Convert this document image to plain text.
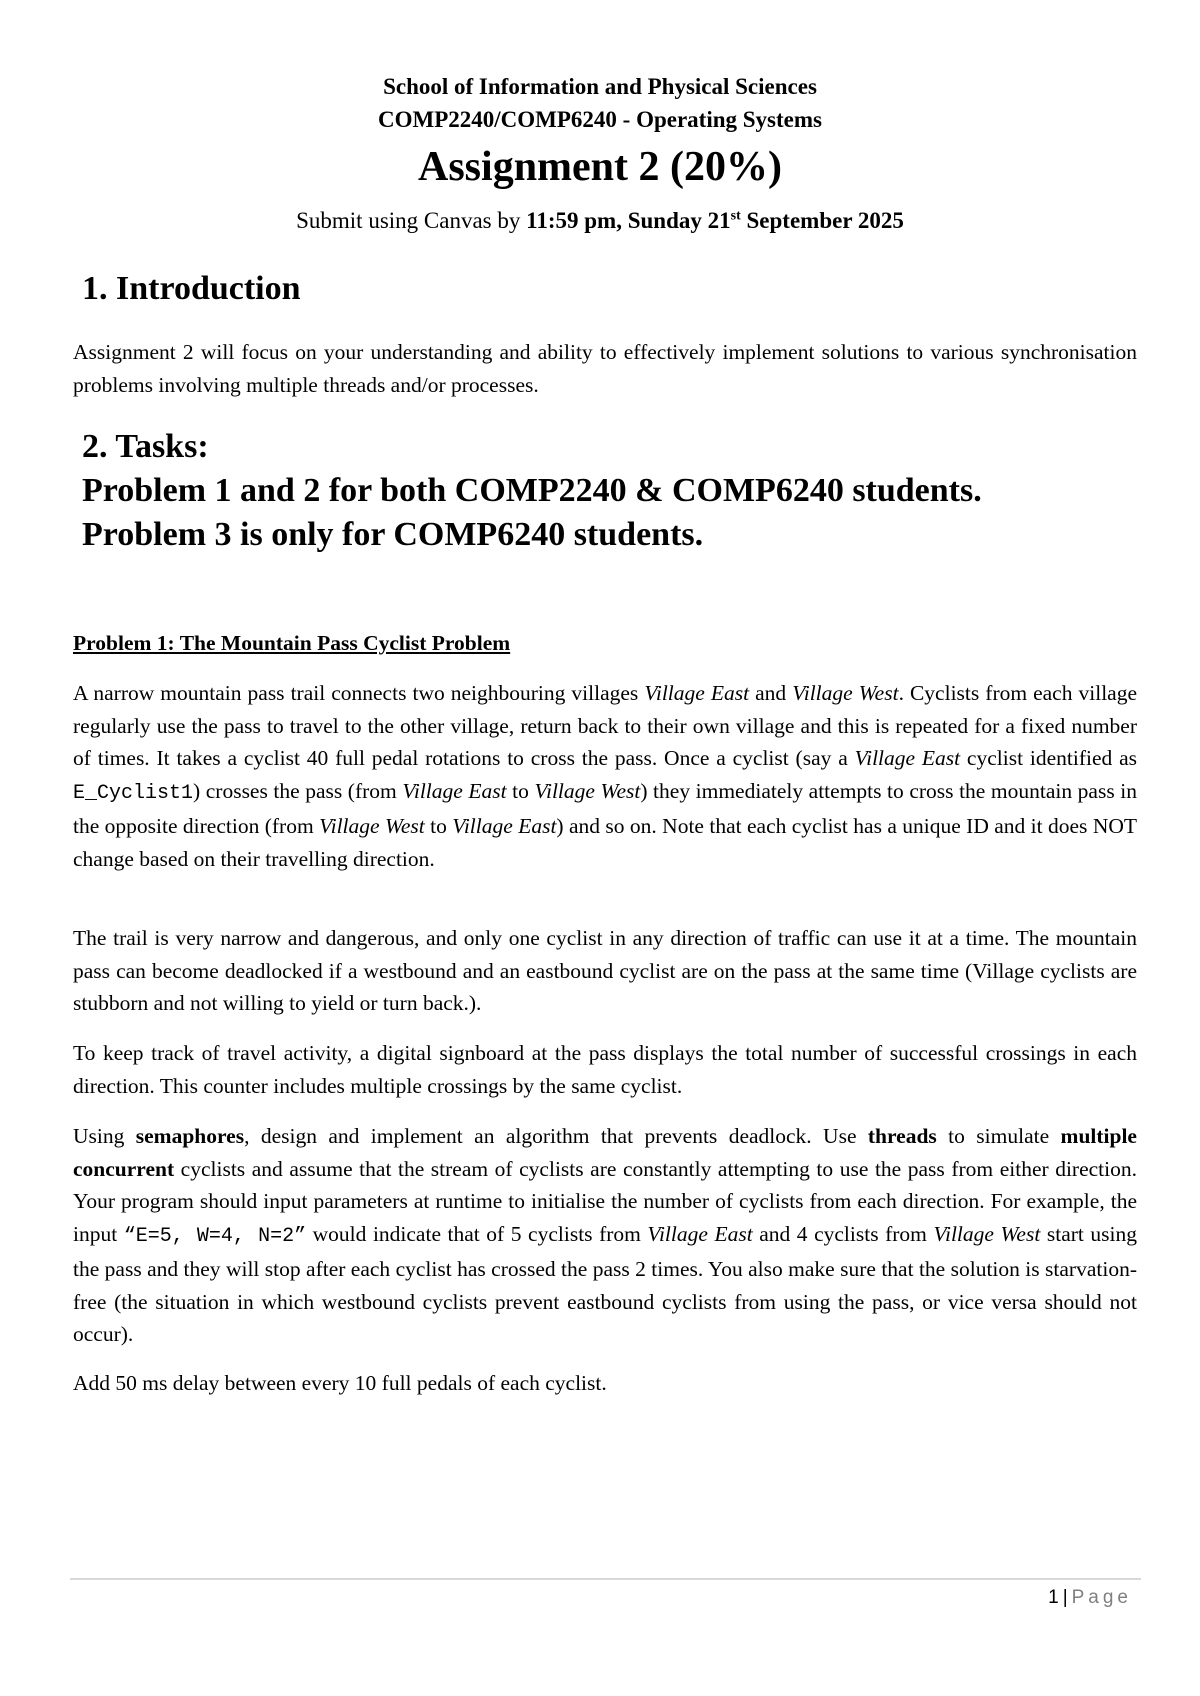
School of Information and Physical Sciences
COMP2240/COMP6240 - Operating Systems
Assignment 2 (20%)
Submit using Canvas by 11:59 pm, Sunday 21st September 2025
1. Introduction

Assignment 2 will focus on your understanding and ability to effectively implement solutions to various synchronisation problems involving multiple threads and/or processes.

2. Tasks:
Problem 1 and 2 for both COMP2240 & COMP6240 students.
Problem 3 is only for COMP6240 students.

Problem 1: The Mountain Pass Cyclist Problem

A narrow mountain pass trail connects two neighbouring villages Village East and Village West. Cyclists from each village regularly use the pass to travel to the other village, return back to their own village and this is repeated for a fixed number of times. It takes a cyclist 40 full pedal rotations to cross the pass. Once a cyclist (say a Village East cyclist identified as E_Cyclist1) crosses the pass (from Village East to Village West) they immediately attempts to cross the mountain pass in the opposite direction (from Village West to Village East) and so on. Note that each cyclist has a unique ID and it does NOT change based on their travelling direction.

The trail is very narrow and dangerous, and only one cyclist in any direction of traffic can use it at a time. The mountain pass can become deadlocked if a westbound and an eastbound cyclist are on the pass at the same time (Village cyclists are stubborn and not willing to yield or turn back.).

To keep track of travel activity, a digital signboard at the pass displays the total number of successful crossings in each direction. This counter includes multiple crossings by the same cyclist.

Using semaphores, design and implement an algorithm that prevents deadlock. Use threads to simulate multiple concurrent cyclists and assume that the stream of cyclists are constantly attempting to use the pass from either direction. Your program should input parameters at runtime to initialise the number of cyclists from each direction. For example, the input “E=5, W=4, N=2” would indicate that of 5 cyclists from Village East and 4 cyclists from Village West start using the pass and they will stop after each cyclist has crossed the pass 2 times. You also make sure that the solution is starvation-free (the situation in which westbound cyclists prevent eastbound cyclists from using the pass, or vice versa should not occur).

Add 50 ms delay between every 10 full pedals of each cyclist.

1 | Page
